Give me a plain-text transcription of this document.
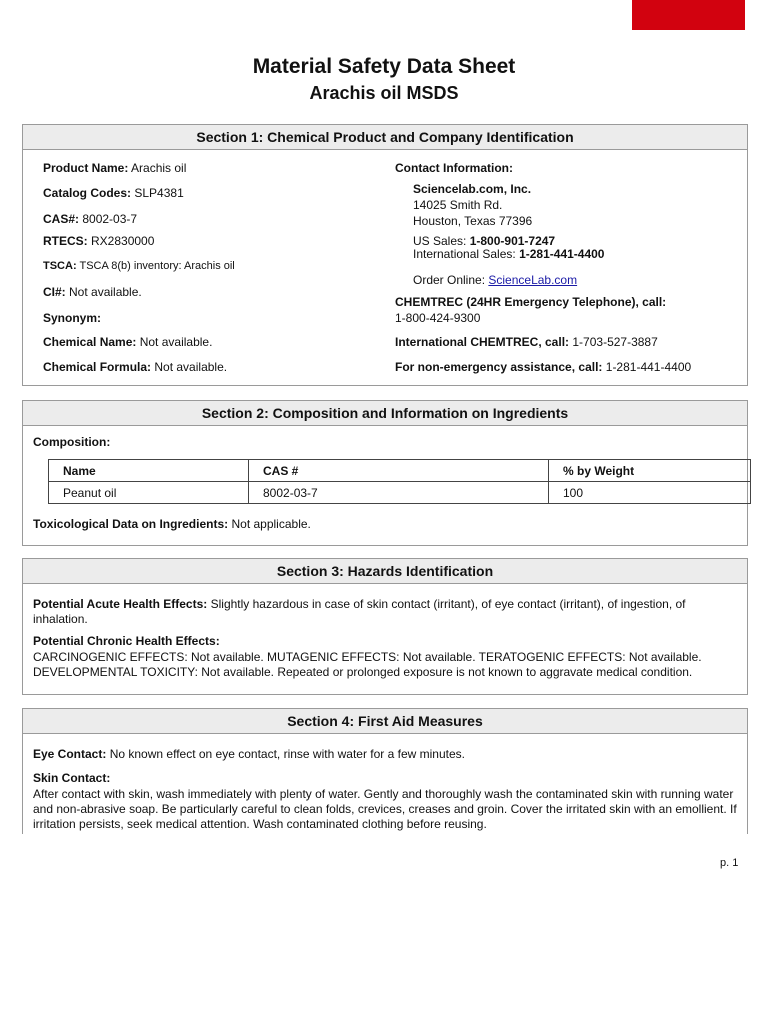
Material Safety Data Sheet
Arachis oil MSDS
Section 1: Chemical Product and Company Identification
Product Name: Arachis oil
Catalog Codes: SLP4381
CAS#: 8002-03-7
RTECS: RX2830000
TSCA: TSCA 8(b) inventory: Arachis oil
CI#: Not available.
Synonym:
Chemical Name: Not available.
Chemical Formula: Not available.
Contact Information:
Sciencelab.com, Inc.
14025 Smith Rd.
Houston, Texas 77396
US Sales: 1-800-901-7247
International Sales: 1-281-441-4400
Order Online: ScienceLab.com
CHEMTREC (24HR Emergency Telephone), call:
1-800-424-9300
International CHEMTREC, call: 1-703-527-3887
For non-emergency assistance, call: 1-281-441-4400
Section 2: Composition and Information on Ingredients
Composition:
Name	CAS #	% by Weight
Peanut oil	8002-03-7	100
Toxicological Data on Ingredients: Not applicable.
Section 3: Hazards Identification
Potential Acute Health Effects: Slightly hazardous in case of skin contact (irritant), of eye contact (irritant), of ingestion, of inhalation.
Potential Chronic Health Effects:
CARCINOGENIC EFFECTS: Not available. MUTAGENIC EFFECTS: Not available. TERATOGENIC EFFECTS: Not available. DEVELOPMENTAL TOXICITY: Not available. Repeated or prolonged exposure is not known to aggravate medical condition.
Section 4: First Aid Measures
Eye Contact: No known effect on eye contact, rinse with water for a few minutes.
Skin Contact:
After contact with skin, wash immediately with plenty of water. Gently and thoroughly wash the contaminated skin with running water and non-abrasive soap. Be particularly careful to clean folds, crevices, creases and groin. Cover the irritated skin with an emollient. If irritation persists, seek medical attention. Wash contaminated clothing before reusing.
p. 1
